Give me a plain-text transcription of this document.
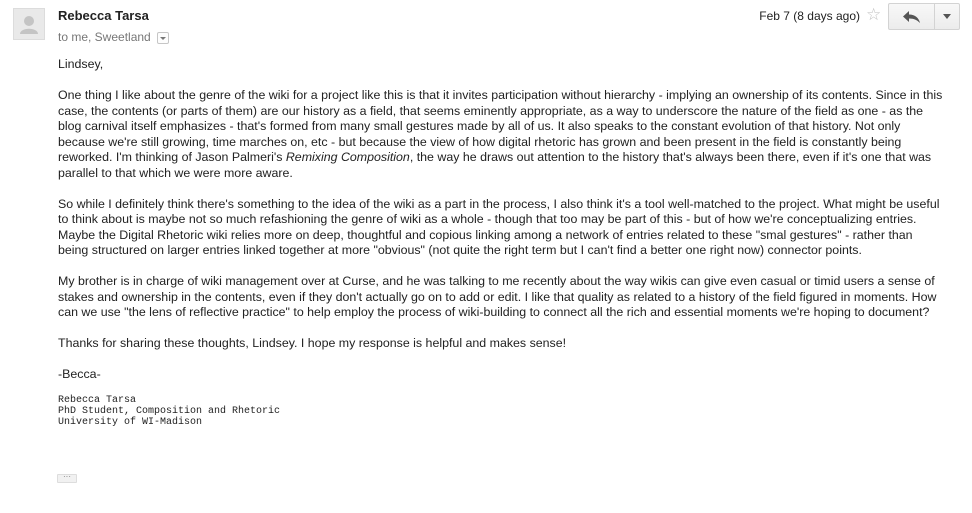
Rebecca Tarsa
to me, Sweetland
Feb 7 (8 days ago) ☆

Lindsey,

One thing I like about the genre of the wiki for a project like this is that it invites participation without hierarchy - implying an ownership of its contents. Since in this case, the contents (or parts of them) are our history as a field, that seems eminently appropriate, as a way to underscore the nature of the field as one - as the blog carnival itself emphasizes - that's formed from many small gestures made by all of us. It also speaks to the constant evolution of that history. Not only because we're still growing, time marches on, etc - but because the view of how digital rhetoric has grown and been present in the field is constantly being reworked. I'm thinking of Jason Palmeri's Remixing Composition, the way he draws out attention to the history that's always been there, even if it's one that was parallel to that which we were more aware.

So while I definitely think there's something to the idea of the wiki as a part in the process, I also think it's a tool well-matched to the project. What might be useful to think about is maybe not so much refashioning the genre of wiki as a whole - though that too may be part of this - but of how we're conceptualizing entries. Maybe the Digital Rhetoric wiki relies more on deep, thoughtful and copious linking among a network of entries related to these "smal gestures" - rather than being structured on larger entries linked together at more "obvious" (not quite the right term but I can't find a better one right now) connector points.

My brother is in charge of wiki management over at Curse, and he was talking to me recently about the way wikis can give even casual or timid users a sense of stakes and ownership in the contents, even if they don't actually go on to add or edit. I like that quality as related to a history of the field figured in moments. How can we use "the lens of reflective practice" to help employ the process of wiki-building to connect all the rich and essential moments we're hoping to document?

Thanks for sharing these thoughts, Lindsey. I hope my response is helpful and makes sense!

-Becca-

Rebecca Tarsa
PhD Student, Composition and Rhetoric
University of WI-Madison
···
